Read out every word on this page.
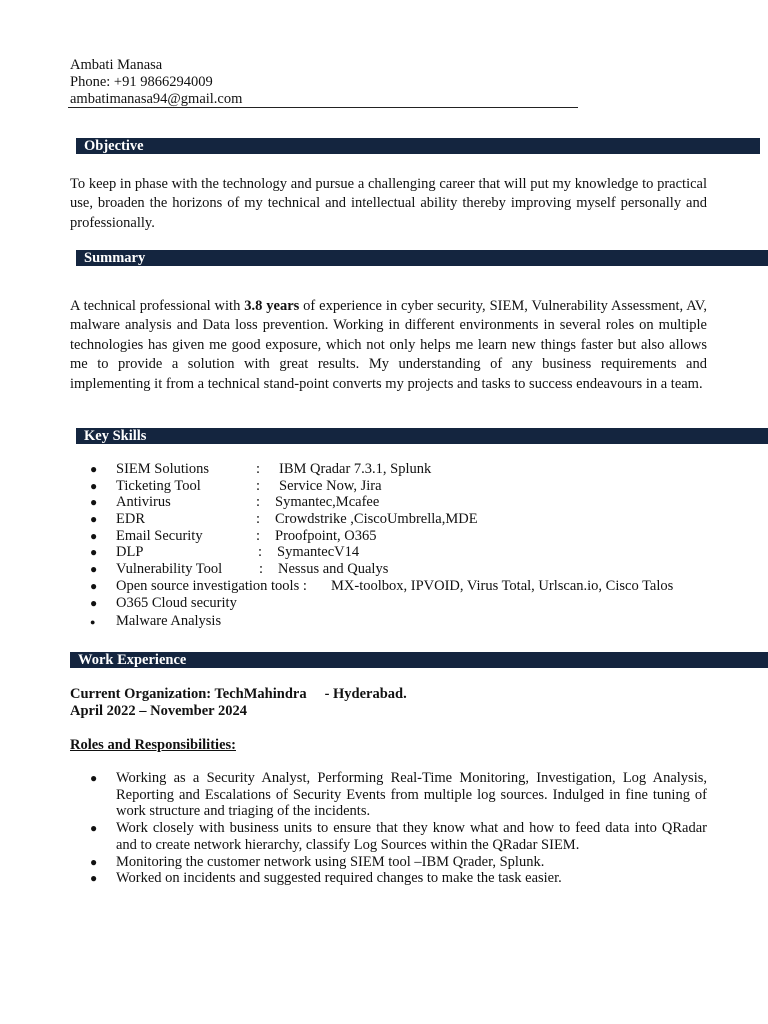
Ambati Manasa
Phone: +91 9866294009
ambatimanasa94@gmail.com
Objective
To keep in phase with the technology and pursue a challenging career that will put my knowledge to practical use, broaden the horizons of my technical and intellectual ability thereby improving myself personally and professionally.
Summary
A technical professional with 3.8 years of experience in cyber security, SIEM, Vulnerability Assessment, AV, malware analysis and Data loss prevention. Working in different environments in several roles on multiple technologies has given me good exposure, which not only helps me learn new things faster but also allows me to provide a solution with great results. My understanding of any business requirements and implementing it from a technical stand-point converts my projects and tasks to success endeavours in a team.
Key Skills
● SIEM Solutions	: IBM Qradar 7.3.1, Splunk
● Ticketing Tool	: Service Now, Jira
● Antivirus	: Symantec,Mcafee
● EDR	: Crowdstrike ,CiscoUmbrella,MDE
● Email Security	: Proofpoint, O365
● DLP	: SymantecV14
● Vulnerability Tool	: Nessus and Qualys
● Open source investigation tools : MX-toolbox, IPVOID, Virus Total, Urlscan.io, Cisco Talos
● O365 Cloud security
● Malware Analysis
Work Experience
Current Organization: TechMahindra - Hyderabad.
April 2022 – November 2024
Roles and Responsibilities:
● Working as a Security Analyst, Performing Real-Time Monitoring, Investigation, Log Analysis, Reporting and Escalations of Security Events from multiple log sources. Indulged in fine tuning of work structure and triaging of the incidents.
● Work closely with business units to ensure that they know what and how to feed data into QRadar and to create network hierarchy, classify Log Sources within the QRadar SIEM.
● Monitoring the customer network using SIEM tool –IBM Qrader, Splunk.
● Worked on incidents and suggested required changes to make the task easier.
